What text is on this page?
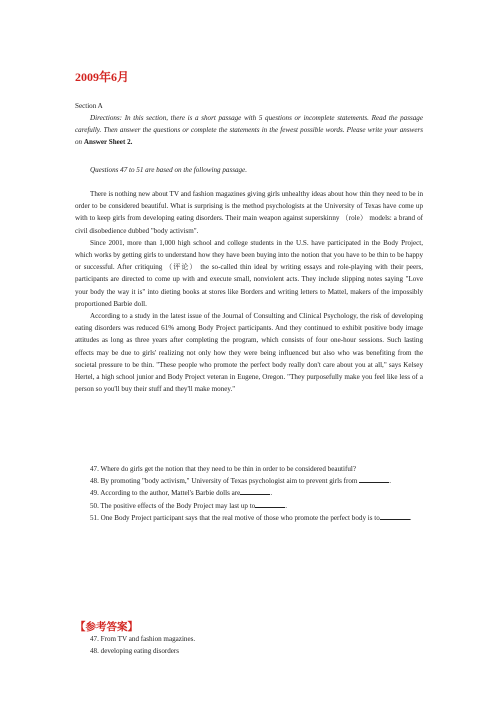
2009年6月
Section A
Directions: In this section, there is a short passage with 5 questions or incomplete statements. Read the passage carefully. Then answer the questions or complete the statements in the fewest possible words. Please write your answers on Answer Sheet 2.
Questions 47 to 51 are based on the following passage.

There is nothing new about TV and fashion magazines giving girls unhealthy ideas about how thin they need to be in order to be considered beautiful. What is surprising is the method psychologists at the University of Texas have come up with to keep girls from developing eating disorders. Their main weapon against superskinny （role） models: a brand of civil disobedience dubbed "body activism".

Since 2001, more than 1,000 high school and college students in the U.S. have participated in the Body Project, which works by getting girls to understand how they have been buying into the notion that you have to be thin to be happy or successful. After critiquing （评论） the so-called thin ideal by writing essays and role-playing with their peers, participants are directed to come up with and execute small, nonviolent acts. They include slipping notes saying "Love your body the way it is" into dieting books at stores like Borders and writing letters to Mattel, makers of the impossibly proportioned Barbie doll.

According to a study in the latest issue of the Journal of Consulting and Clinical Psychology, the risk of developing eating disorders was reduced 61% among Body Project participants. And they continued to exhibit positive body image attitudes as long as three years after completing the program, which consists of four one-hour sessions. Such lasting effects may be due to girls' realizing not only how they were being influenced but also who was benefiting from the societal pressure to be thin. "These people who promote the perfect body really don't care about you at all," says Kelsey Hertel, a high school junior and Body Project veteran in Eugene, Oregon. "They purposefully make you feel like less of a person so you'll buy their stuff and they'll make money."

47. Where do girls get the notion that they need to be thin in order to be considered beautiful?

48. By promoting "body activism," University of Texas psychologist aim to prevent girls from	.

49. According to the author, Mattel's Barbie dolls are	.

50. The positive effects of the Body Project may last up to	.

51. One Body Project participant says that the real motive of those who promote the perfect body is to	.

【参考答案】

47. From TV and fashion magazines.

48. developing eating disorders
